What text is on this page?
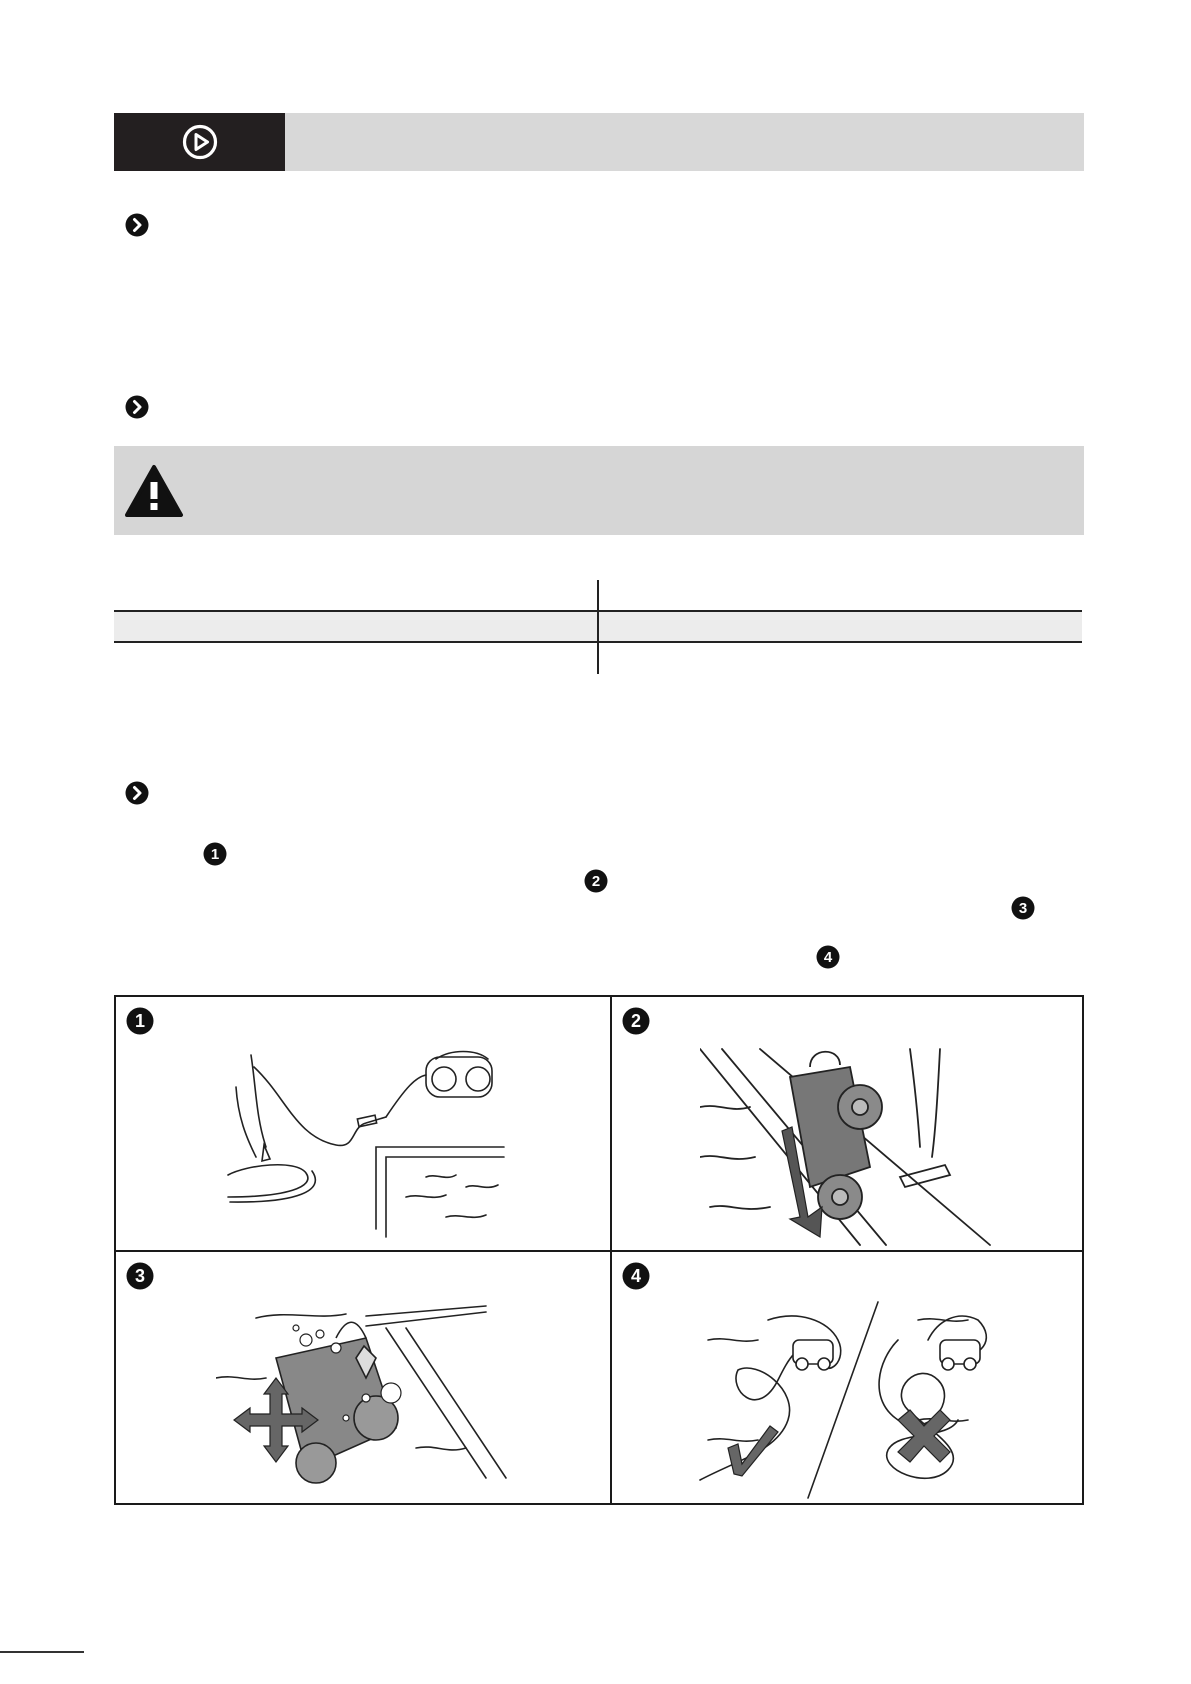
1
2
3
4
1	2
3	4
